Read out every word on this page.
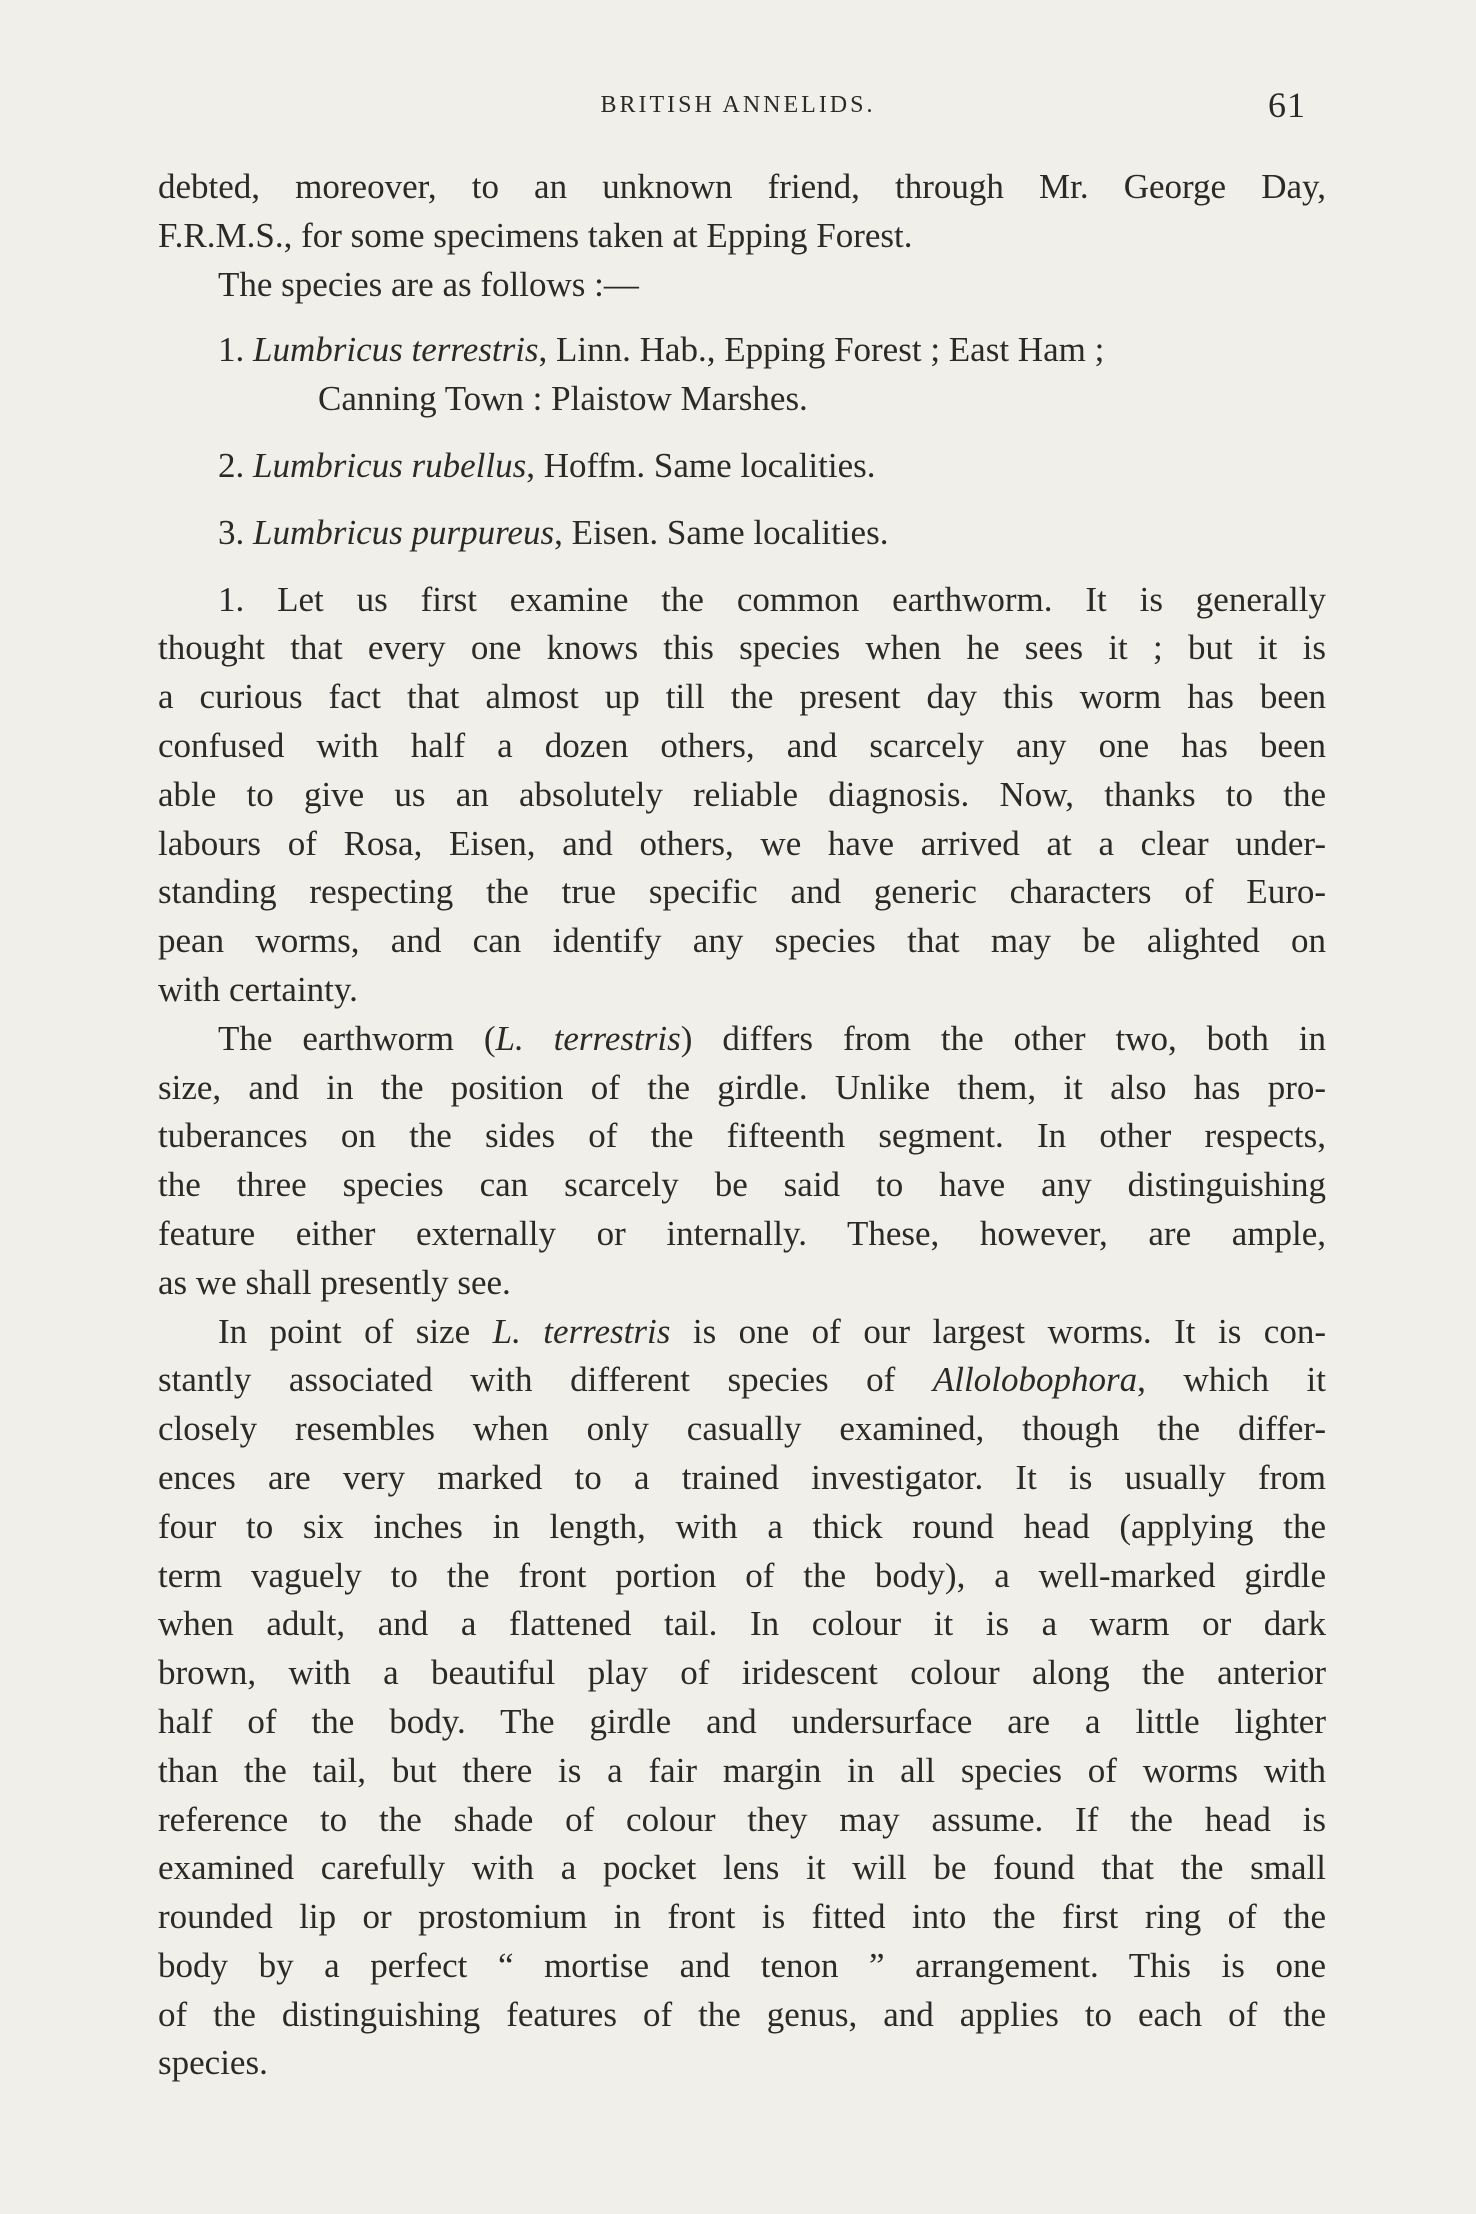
BRITISH ANNELIDS.	61
debted, moreover, to an unknown friend, through Mr. George Day,
F.R.M.S., for some specimens taken at Epping Forest.
The species are as follows :—
1. Lumbricus terrestris, Linn. Hab., Epping Forest ; East Ham ;
Canning Town : Plaistow Marshes.
2. Lumbricus rubellus, Hoffm. Same localities.
3. Lumbricus purpureus, Eisen. Same localities.
1. Let us first examine the common earthworm. It is generally
thought that every one knows this species when he sees it ; but it is
a curious fact that almost up till the present day this worm has been
confused with half a dozen others, and scarcely any one has been
able to give us an absolutely reliable diagnosis. Now, thanks to the
labours of Rosa, Eisen, and others, we have arrived at a clear under-
standing respecting the true specific and generic characters of Euro-
pean worms, and can identify any species that may be alighted on
with certainty.
The earthworm (L. terrestris) differs from the other two, both in
size, and in the position of the girdle. Unlike them, it also has pro-
tuberances on the sides of the fifteenth segment. In other respects,
the three species can scarcely be said to have any distinguishing
feature either externally or internally. These, however, are ample,
as we shall presently see.
In point of size L. terrestris is one of our largest worms. It is con-
stantly associated with different species of Allolobophora, which it
closely resembles when only casually examined, though the differ-
ences are very marked to a trained investigator. It is usually from
four to six inches in length, with a thick round head (applying the
term vaguely to the front portion of the body), a well-marked girdle
when adult, and a flattened tail. In colour it is a warm or dark
brown, with a beautiful play of iridescent colour along the anterior
half of the body. The girdle and undersurface are a little lighter
than the tail, but there is a fair margin in all species of worms with
reference to the shade of colour they may assume. If the head is
examined carefully with a pocket lens it will be found that the small
rounded lip or prostomium in front is fitted into the first ring of the
body by a perfect “ mortise and tenon ” arrangement. This is one
of the distinguishing features of the genus, and applies to each of the
species.
